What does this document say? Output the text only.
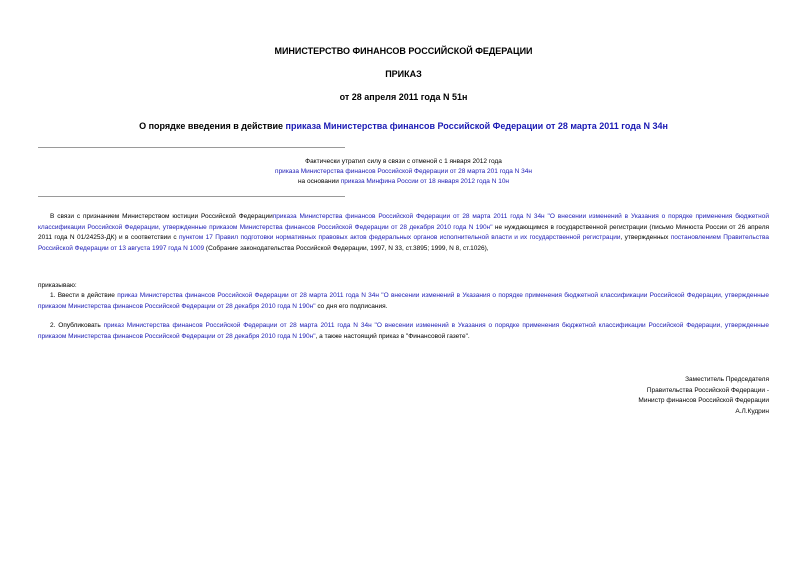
МИНИСТЕРСТВО ФИНАНСОВ РОССИЙСКОЙ ФЕДЕРАЦИИ
ПРИКАЗ
от 28 апреля 2011 года N 51н
О порядке введения в действие приказа Министерства финансов Российской Федерации от 28 марта 2011 года N 34н
Фактически утратил силу в связи с отменой с 1 января 2012 года
приказа Министерства финансов Российской Федерации от 28 марта 201 года N 34н
на основании приказа Минфина России от 18 января 2012 года N 10н
В связи с признанием Министерством юстиции Российской Федерацииприказа Министерства финансов Российской Федерации от 28 марта 2011 года N 34н "О внесении изменений в Указания о порядке применения бюджетной классификации Российской Федерации, утвержденные приказом Министерства финансов Российской Федерации от 28 декабря 2010 года N 190н" не нуждающимся в государственной регистрации (письмо Минюста России от 26 апреля 2011 года N 01/24253-ДК) и в соответствии с пунктом 17 Правил подготовки нормативных правовых актов федеральных органов исполнительной власти и их государственной регистрации, утвержденных постановлением Правительства Российской Федерации от 13 августа 1997 года N 1009 (Собрание законодательства Российской Федерации, 1997, N 33, ст.3895; 1999, N 8, ст.1026),
приказываю:
1. Ввести в действие приказ Министерства финансов Российской Федерации от 28 марта 2011 года N 34н "О внесении изменений в Указания о порядке применения бюджетной классификации Российской Федерации, утвержденные приказом Министерства финансов Российской Федерации от 28 декабря 2010 года N 190н" со дня его подписания.
2. Опубликовать приказ Министерства финансов Российской Федерации от 28 марта 2011 года N 34н "О внесении изменений в Указания о порядке применения бюджетной классификации Российской Федерации, утвержденные приказом Министерства финансов Российской Федерации от 28 декабря 2010 года N 190н", а также настоящий приказ в "Финансовой газете".
Заместитель Председателя
Правительства Российской Федерации -
Министр финансов Российской Федерации
А.Л.Кудрин
